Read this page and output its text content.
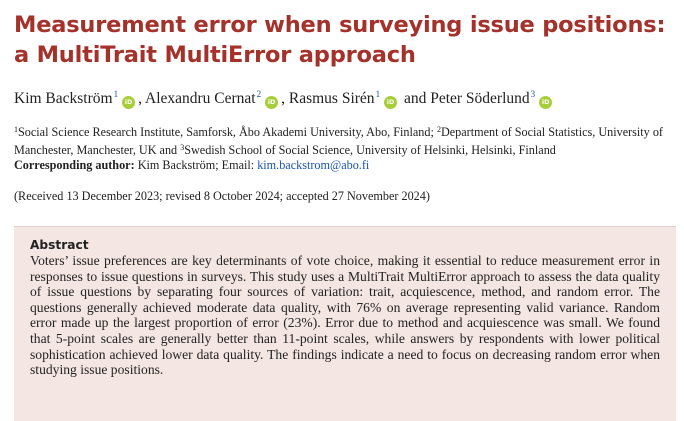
Measurement error when surveying issue positions: a MultiTrait MultiError approach
Kim Backström$^1$iD , Alexandru Cernat$^2$iD , Rasmus Sirén$^1$iD and Peter Söderlund$^3$iD
$^1$Social Science Research Institute, Samforsk, Åbo Akademi University, Abo, Finland; $^2$Department of Social Statistics, University of Manchester, Manchester, UK and $^3$Swedish School of Social Science, University of Helsinki, Helsinki, Finland
Corresponding author: Kim Backström; Email: kim.backstrom@abo.fi
(Received 13 December 2023; revised 8 October 2024; accepted 27 November 2024)
Abstract
Voters’ issue preferences are key determinants of vote choice, making it essential to reduce measurement error in responses to issue questions in surveys. This study uses a MultiTrait MultiError approach to assess the data quality of issue questions by separating four sources of variation: trait, acquiescence, method, and random error. The questions generally achieved moderate data quality, with 76% on average representing valid variance. Random error made up the largest proportion of error (23%). Error due to method and acquiescence was small. We found that 5-point scales are generally better than 11-point scales, while answers by respondents with lower political sophistication achieved lower data quality. The findings indicate a need to focus on decreasing random error when studying issue positions.
